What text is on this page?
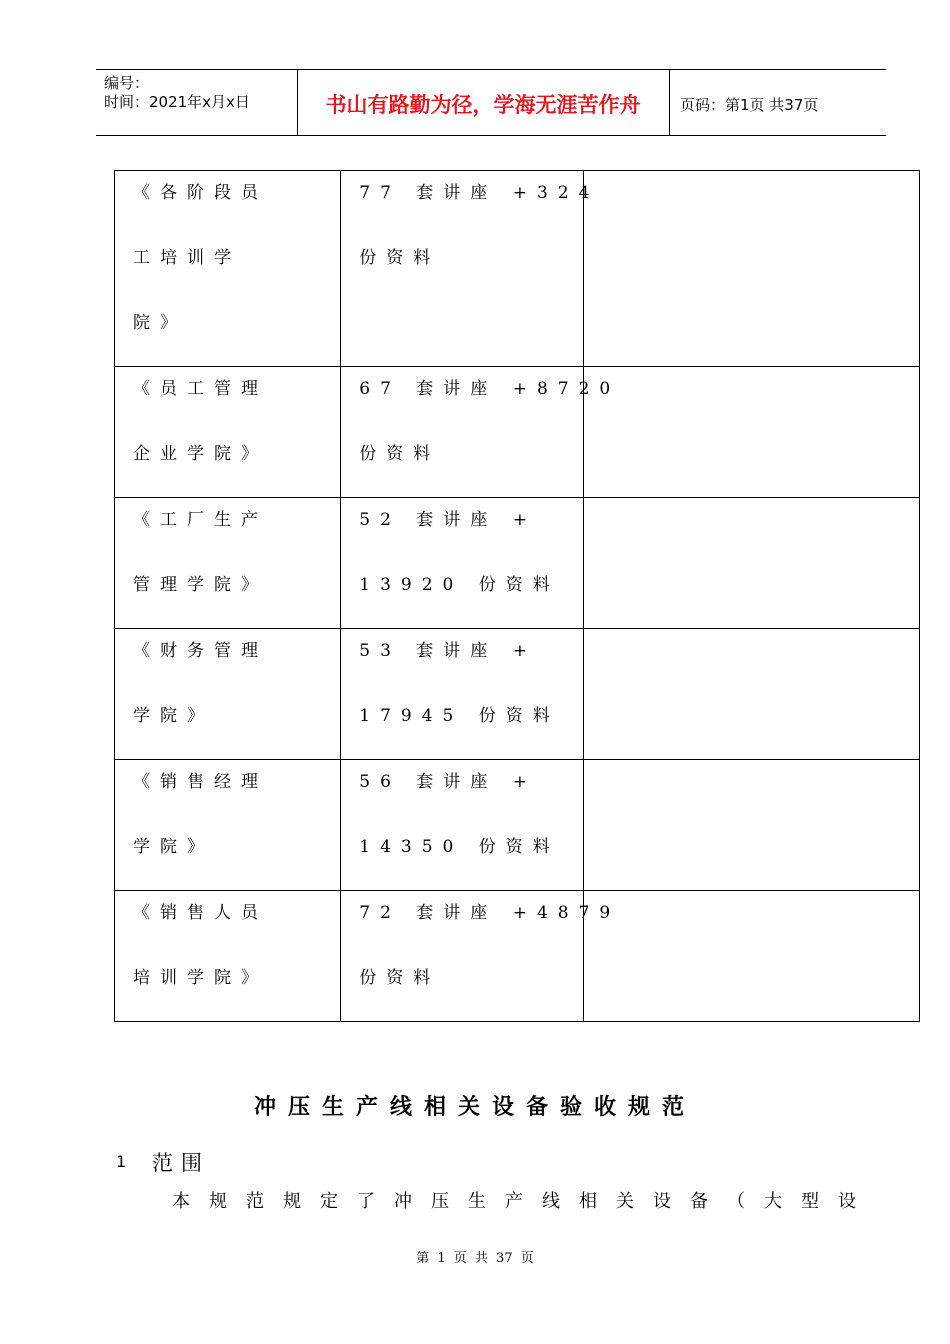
编号：
时间：2021年x月x日	书山有路勤为径，学海无涯苦作舟	页码：第1页 共37页
《各阶段员
工培训学
院》	77 套讲座 +324
份资料	

《员工管理
企业学院》	67 套讲座 +8720
份资料	

《工厂生产
管理学院》	52 套讲座 +
13920 份资料	

《财务管理
学院》	53 套讲座 +
17945 份资料	

《销售经理
学院》	56 套讲座 +
14350 份资料	

《销售人员
培训学院》	72 套讲座 +4879
份资料	

冲压生产线相关设备验收规范
1 范围
本规范规定了冲压生产线相关设备（大型设
第 1 页 共 37 页
